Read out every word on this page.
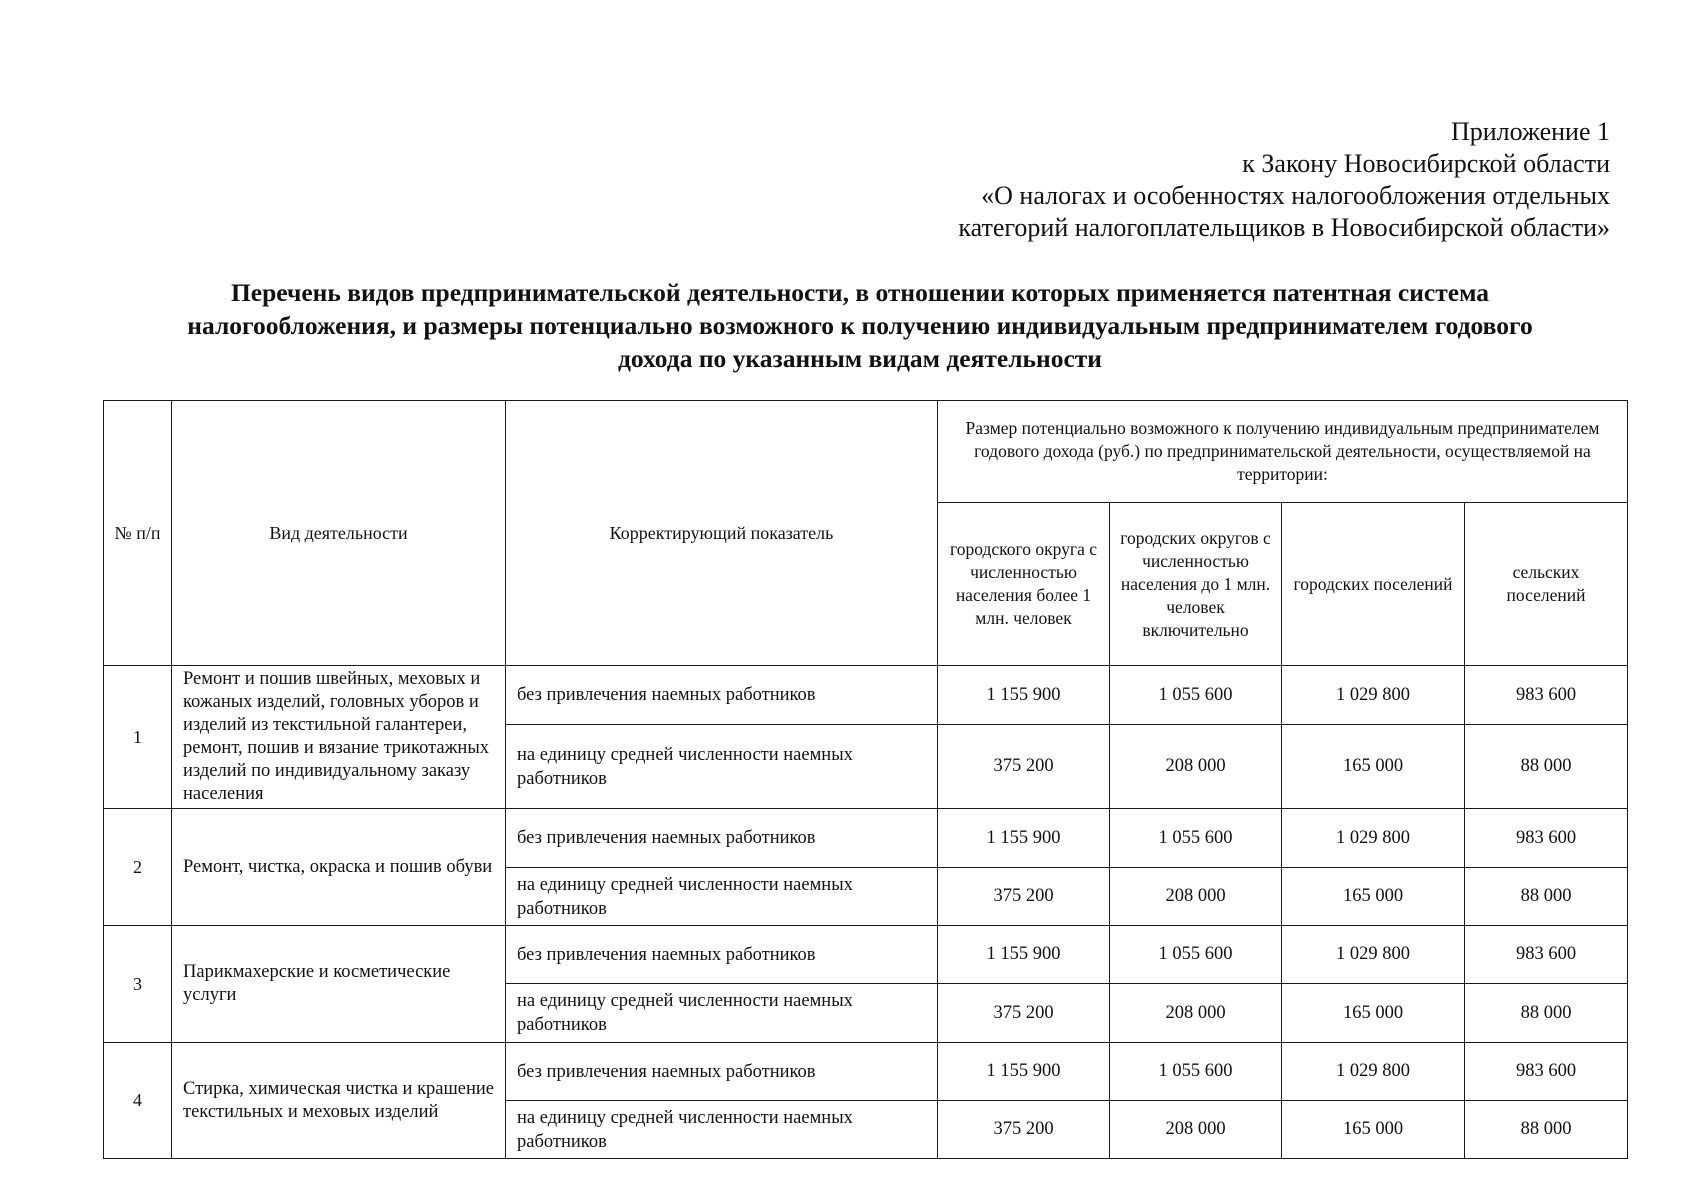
Приложение 1
к Закону Новосибирской области
«О налогах и особенностях налогообложения отдельных
категорий налогоплательщиков в Новосибирской области»
Перечень видов предпринимательской деятельности, в отношении которых применяется патентная система
налогообложения, и размеры потенциально возможного к получению индивидуальным предпринимателем годового
дохода по указанным видам деятельности
№ п/п	Вид деятельности	Корректирующий показатель	Размер потенциально возможного к получению индивидуальным предпринимателем годового дохода (руб.) по предпринимательской деятельности, осуществляемой на территории:			

			городского округа с численностью населения более 1 млн. человек	городских округов с численностью населения до 1 млн. человек включительно	городских поселений	сельских поселений

1	Ремонт и пошив швейных, меховых и кожаных изделий, головных уборов и изделий из текстильной галантереи, ремонт, пошив и вязание трикотажных изделий по индивидуальному заказу населения	без привлечения наемных работников	1 155 900	1 055 600	1 029 800	983 600
		на единицу средней численности наемных работников	375 200	208 000	165 000	88 000
2	Ремонт, чистка, окраска и пошив обуви	без привлечения наемных работников	1 155 900	1 055 600	1 029 800	983 600
		на единицу средней численности наемных работников	375 200	208 000	165 000	88 000
3	Парикмахерские и косметические услуги	без привлечения наемных работников	1 155 900	1 055 600	1 029 800	983 600
		на единицу средней численности наемных работников	375 200	208 000	165 000	88 000
4	Стирка, химическая чистка и крашение текстильных и меховых изделий	без привлечения наемных работников	1 155 900	1 055 600	1 029 800	983 600
		на единицу средней численности наемных работников	375 200	208 000	165 000	88 000
